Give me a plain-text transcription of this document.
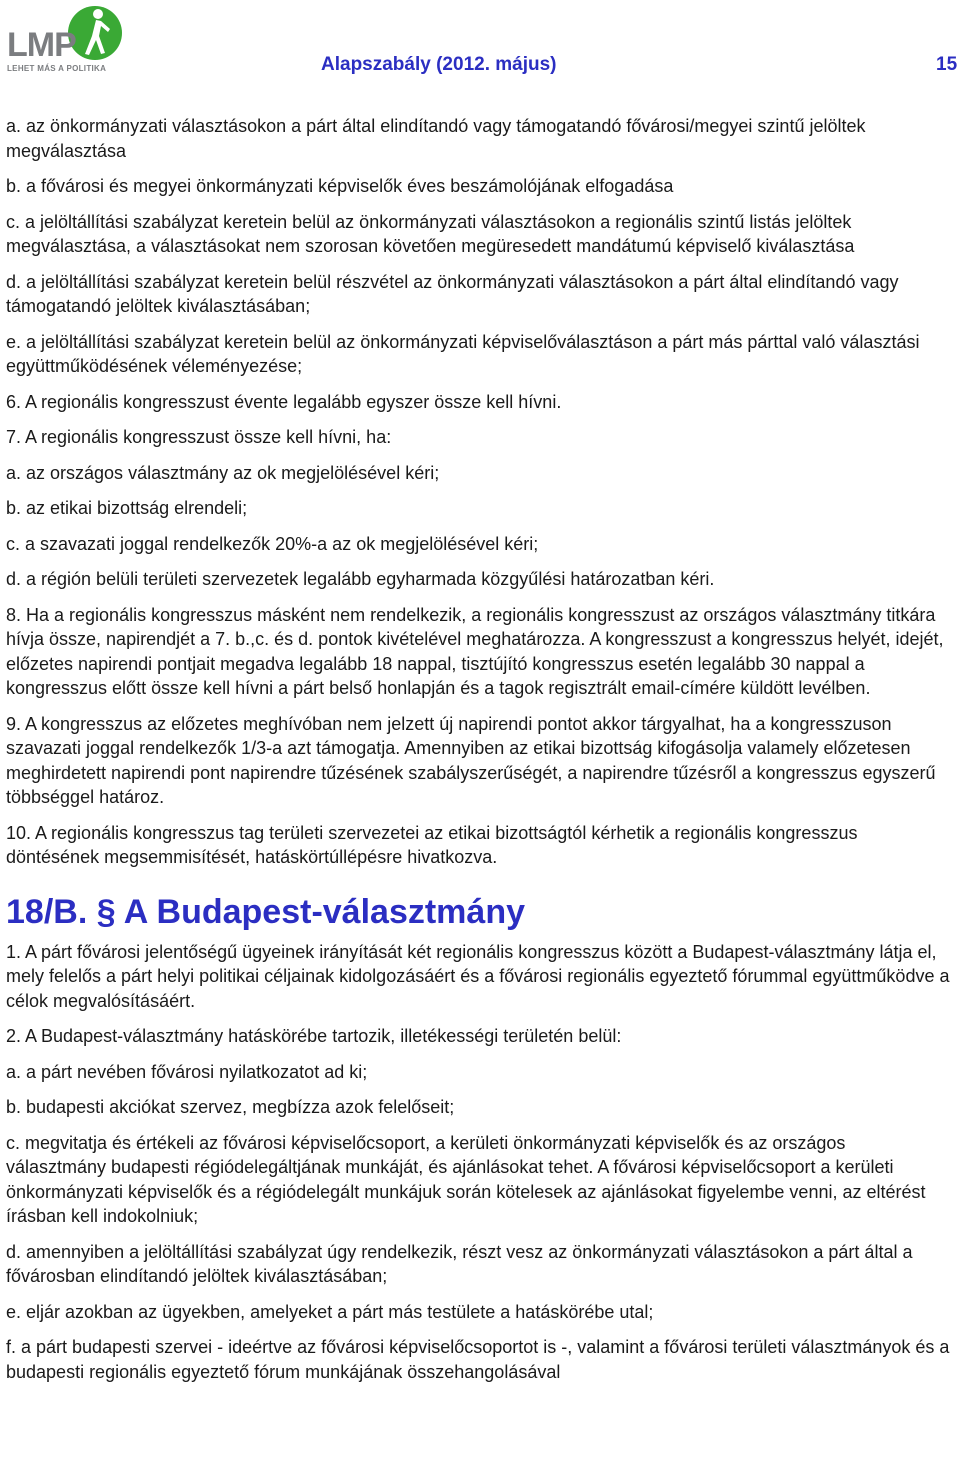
LMP
LEHET MÁS A POLITIKA	Alapszabály (2012. május)	15

a. az önkormányzati választásokon a párt által elindítandó vagy támogatandó fővárosi/megyei szintű jelöltek megválasztása

b. a fővárosi és megyei önkormányzati képviselők éves beszámolójának elfogadása

c. a jelöltállítási szabályzat keretein belül az önkormányzati választásokon a regionális szintű listás jelöltek megválasztása, a választásokat nem szorosan követően megüresedett mandátumú képviselő kiválasztása

d. a jelöltállítási szabályzat keretein belül részvétel az önkormányzati választásokon a párt által elindítandó vagy támogatandó jelöltek kiválasztásában;

e. a jelöltállítási szabályzat keretein belül az önkormányzati képviselőválasztáson a párt más párttal való választási együttműködésének véleményezése;

6. A regionális kongresszust évente legalább egyszer össze kell hívni.

7. A regionális kongresszust össze kell hívni, ha:

a. az országos választmány az ok megjelölésével kéri;

b. az etikai bizottság elrendeli;

c. a szavazati joggal rendelkezők 20%-a az ok megjelölésével kéri;

d. a régión belüli területi szervezetek legalább egyharmada közgyűlési határozatban kéri.

8. Ha a regionális kongresszus másként nem rendelkezik, a regionális kongresszust az országos választmány titkára hívja össze, napirendjét a 7. b.,c. és d. pontok kivételével meghatározza. A kongresszust a kongresszus helyét, idejét, előzetes napirendi pontjait megadva legalább 18 nappal, tisztújító kongresszus esetén legalább 30 nappal a kongresszus előtt össze kell hívni a párt belső honlapján és a tagok regisztrált email-címére küldött levélben.

9. A kongresszus az előzetes meghívóban nem jelzett új napirendi pontot akkor tárgyalhat, ha a kongresszuson szavazati joggal rendelkezők 1/3-a azt támogatja. Amennyiben az etikai bizottság kifogásolja valamely előzetesen meghirdetett napirendi pont napirendre tűzésének szabályszerűségét, a napirendre tűzésről a kongresszus egyszerű többséggel határoz.

10. A regionális kongresszus tag területi szervezetei az etikai bizottságtól kérhetik a regionális kongresszus döntésének megsemmisítését, hatáskörtúllépésre hivatkozva.

18/B. § A Budapest-választmány

1. A párt fővárosi jelentőségű ügyeinek irányítását két regionális kongresszus között a Budapest-választmány látja el, mely felelős a párt helyi politikai céljainak kidolgozásáért és a fővárosi regionális egyeztető fórummal együttműködve a célok megvalósításáért.

2. A Budapest-választmány hatáskörébe tartozik, illetékességi területén belül:

a. a párt nevében fővárosi nyilatkozatot ad ki;

b. budapesti akciókat szervez, megbízza azok felelőseit;

c. megvitatja és értékeli az fővárosi képviselőcsoport, a kerületi önkormányzati képviselők és az országos választmány budapesti régiódelegáltjának munkáját, és ajánlásokat tehet. A fővárosi képviselőcsoport a kerületi önkormányzati képviselők és a régiódelegált munkájuk során kötelesek az ajánlásokat figyelembe venni, az eltérést írásban kell indokolniuk;

d. amennyiben a jelöltállítási szabályzat úgy rendelkezik, részt vesz az önkormányzati választásokon a párt által a fővárosban elindítandó jelöltek kiválasztásában;

e. eljár azokban az ügyekben, amelyeket a párt más testülete a hatáskörébe utal;

f. a párt budapesti szervei - ideértve az fővárosi képviselőcsoportot is -, valamint a fővárosi területi választmányok és a budapesti regionális egyeztető fórum munkájának összehangolásával
